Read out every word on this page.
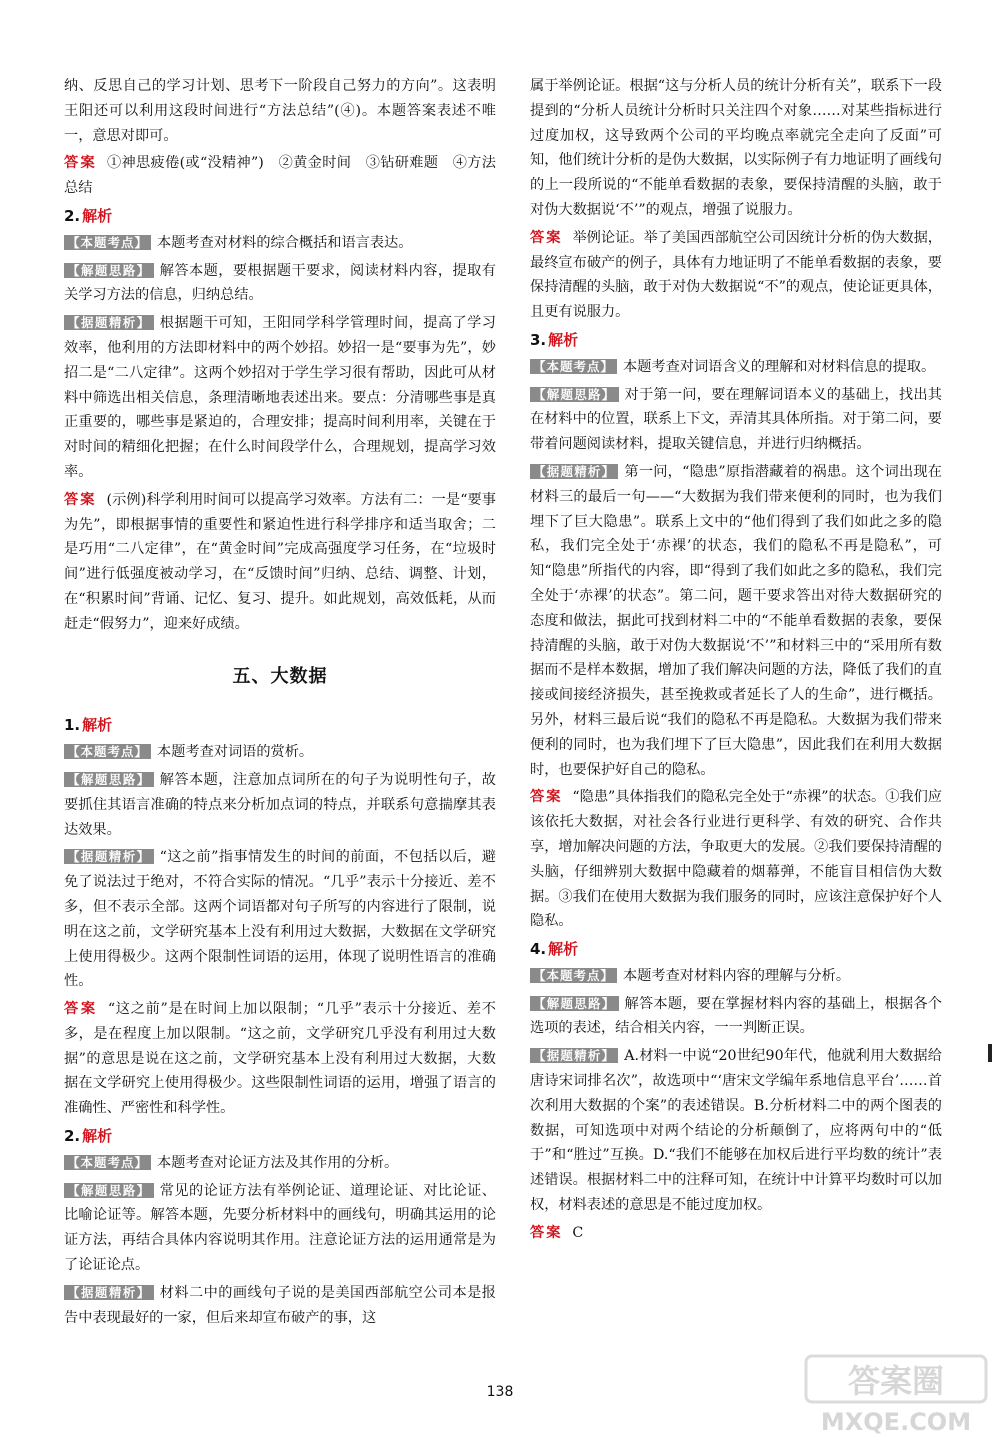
纳、反思自己的学习计划、思考下一阶段自己努力的方向”。这表明王阳还可以利用这段时间进行“方法总结”(④)。本题答案表述不唯一，意思对即可。

答案 ①神思疲倦(或“没精神”)　②黄金时间　③钻研难题　④方法总结

2. 解析

【本题考点】 本题考查对材料的综合概括和语言表达。

【解题思路】 解答本题，要根据题干要求，阅读材料内容，提取有关学习方法的信息，归纳总结。

【据题精析】 根据题干可知，王阳同学科学管理时间，提高了学习效率，他利用的方法即材料中的两个妙招。妙招一是“要事为先”，妙招二是“二八定律”。这两个妙招对于学生学习很有帮助，因此可从材料中筛选出相关信息，条理清晰地表述出来。要点：分清哪些事是真正重要的，哪些事是紧迫的，合理安排；提高时间利用率，关键在于对时间的精细化把握；在什么时间段学什么，合理规划，提高学习效率。

答案 (示例)科学利用时间可以提高学习效率。方法有二：一是“要事为先”，即根据事情的重要性和紧迫性进行科学排序和适当取舍；二是巧用“二八定律”，在“黄金时间”完成高强度学习任务，在“垃圾时间”进行低强度被动学习，在“反馈时间”归纳、总结、调整、计划，在“积累时间”背诵、记忆、复习、提升。如此规划，高效低耗，从而赶走“假努力”，迎来好成绩。

五、大数据
1. 解析

【本题考点】 本题考查对词语的赏析。

【解题思路】 解答本题，注意加点词所在的句子为说明性句子，故要抓住其语言准确的特点来分析加点词的特点，并联系句意揣摩其表达效果。

【据题精析】 “这之前”指事情发生的时间的前面，不包括以后，避免了说法过于绝对，不符合实际的情况。“几乎”表示十分接近、差不多，但不表示全部。这两个词语都对句子所写的内容进行了限制，说明在这之前，文学研究基本上没有利用过大数据，大数据在文学研究上使用得极少。这两个限制性词语的运用，体现了说明性语言的准确性。

答案 “这之前”是在时间上加以限制；“几乎”表示十分接近、差不多，是在程度上加以限制。“这之前，文学研究几乎没有利用过大数据”的意思是说在这之前，文学研究基本上没有利用过大数据，大数据在文学研究上使用得极少。这些限制性词语的运用，增强了语言的准确性、严密性和科学性。

2. 解析

【本题考点】 本题考查对论证方法及其作用的分析。

【解题思路】 常见的论证方法有举例论证、道理论证、对比论证、比喻论证等。解答本题，先要分析材料中的画线句，明确其运用的论证方法，再结合具体内容说明其作用。注意论证方法的运用通常是为了论证论点。

【据题精析】 材料二中的画线句子说的是美国西部航空公司本是报告中表现最好的一家，但后来却宣布破产的事，这

属于举例论证。根据“这与分析人员的统计分析有关”，联系下一段提到的“分析人员统计分析时只关注四个对象……对某些指标进行过度加权，这导致两个公司的平均晚点率就完全走向了反面”可知，他们统计分析的是伪大数据，以实际例子有力地证明了画线句的上一段所说的“不能单看数据的表象，要保持清醒的头脑，敢于对伪大数据说‘不’”的观点，增强了说服力。

答案 举例论证。举了美国西部航空公司因统计分析的伪大数据，最终宣布破产的例子，具体有力地证明了不能单看数据的表象，要保持清醒的头脑，敢于对伪大数据说“不”的观点，使论证更具体，且更有说服力。

3. 解析

【本题考点】 本题考查对词语含义的理解和对材料信息的提取。

【解题思路】 对于第一问，要在理解词语本义的基础上，找出其在材料中的位置，联系上下文，弄清其具体所指。对于第二问，要带着问题阅读材料，提取关键信息，并进行归纳概括。

【据题精析】 第一问，“隐患”原指潜藏着的祸患。这个词出现在材料三的最后一句——“大数据为我们带来便利的同时，也为我们埋下了巨大隐患”。联系上文中的“他们得到了我们如此之多的隐私，我们完全处于‘赤裸’的状态，我们的隐私不再是隐私”，可知“隐患”所指代的内容，即“得到了我们如此之多的隐私，我们完全处于‘赤裸’的状态”。第二问，题干要求答出对待大数据研究的态度和做法，据此可找到材料二中的“不能单看数据的表象，要保持清醒的头脑，敢于对伪大数据说‘不’”和材料三中的“采用所有数据而不是样本数据，增加了我们解决问题的方法，降低了我们的直接或间接经济损失，甚至挽救或者延长了人的生命”，进行概括。另外，材料三最后说“我们的隐私不再是隐私。大数据为我们带来便利的同时，也为我们埋下了巨大隐患”，因此我们在利用大数据时，也要保护好自己的隐私。

答案 “隐患”具体指我们的隐私完全处于“赤裸”的状态。①我们应该依托大数据，对社会各行业进行更科学、有效的研究、合作共享，增加解决问题的方法，争取更大的发展。②我们要保持清醒的头脑，仔细辨别大数据中隐藏着的烟幕弹，不能盲目相信伪大数据。③我们在使用大数据为我们服务的同时，应该注意保护好个人隐私。

4. 解析

【本题考点】 本题考查对材料内容的理解与分析。

【解题思路】 解答本题，要在掌握材料内容的基础上，根据各个选项的表述，结合相关内容，一一判断正误。

【据题精析】 A.材料一中说“20世纪90年代，他就利用大数据给唐诗宋词排名次”，故选项中“‘唐宋文学编年系地信息平台’……首次利用大数据的个案”的表述错误。B.分析材料二中的两个图表的数据，可知选项中对两个结论的分析颠倒了，应将两句中的“低于”和“胜过”互换。D.“我们不能够在加权后进行平均数的统计”表述错误。根据材料二中的注释可知，在统计中计算平均数时可以加权，材料表述的意思是不能过度加权。

答案 C

138	答案圈
MXQE.COM
